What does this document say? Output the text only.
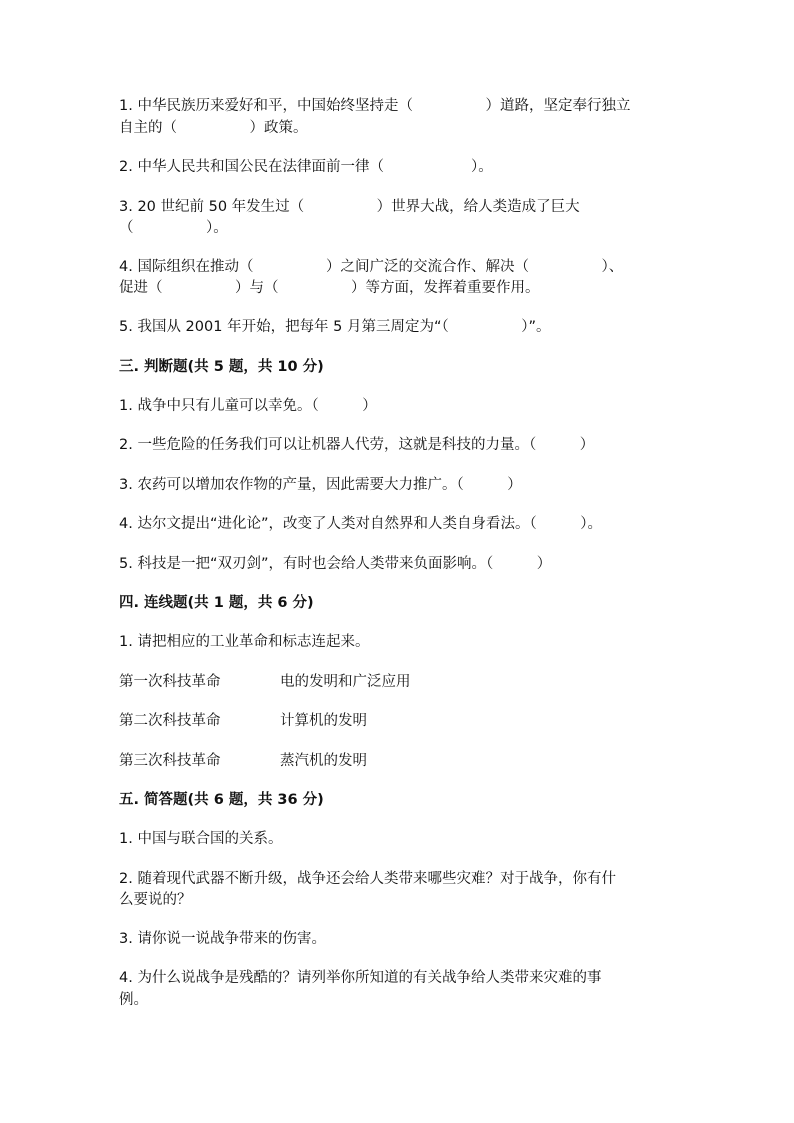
1. 中华民族历来爱好和平，中国始终坚持走（　　　　　）道路，坚定奉行独立
自主的（　　　　　）政策。
2. 中华人民共和国公民在法律面前一律（　　　　　　）。
3. 20 世纪前 50 年发生过（　　　　　）世界大战，给人类造成了巨大
（　　　　　）。
4. 国际组织在推动（　　　　　）之间广泛的交流合作、解决（　　　　　）、
促进（　　　　　）与（　　　　　）等方面，发挥着重要作用。
5. 我国从 2001 年开始，把每年 5 月第三周定为“（　　　　　）”。
三. 判断题(共 5 题，共 10 分)
1. 战争中只有儿童可以幸免。（　　　）
2. 一些危险的任务我们可以让机器人代劳，这就是科技的力量。（　　　）
3. 农药可以增加农作物的产量，因此需要大力推广。（　　　）
4. 达尔文提出“进化论”，改变了人类对自然界和人类自身看法。（　　　）。
5. 科技是一把“双刃剑”，有时也会给人类带来负面影响。（　　　）
四. 连线题(共 1 题，共 6 分)
1. 请把相应的工业革命和标志连起来。
第一次科技革命	电的发明和广泛应用
第二次科技革命	计算机的发明
第三次科技革命	蒸汽机的发明
五. 简答题(共 6 题，共 36 分)
1. 中国与联合国的关系。
2. 随着现代武器不断升级，战争还会给人类带来哪些灾难？对于战争，你有什
么要说的？
3. 请你说一说战争带来的伤害。
4. 为什么说战争是残酷的？请列举你所知道的有关战争给人类带来灾难的事
例。
